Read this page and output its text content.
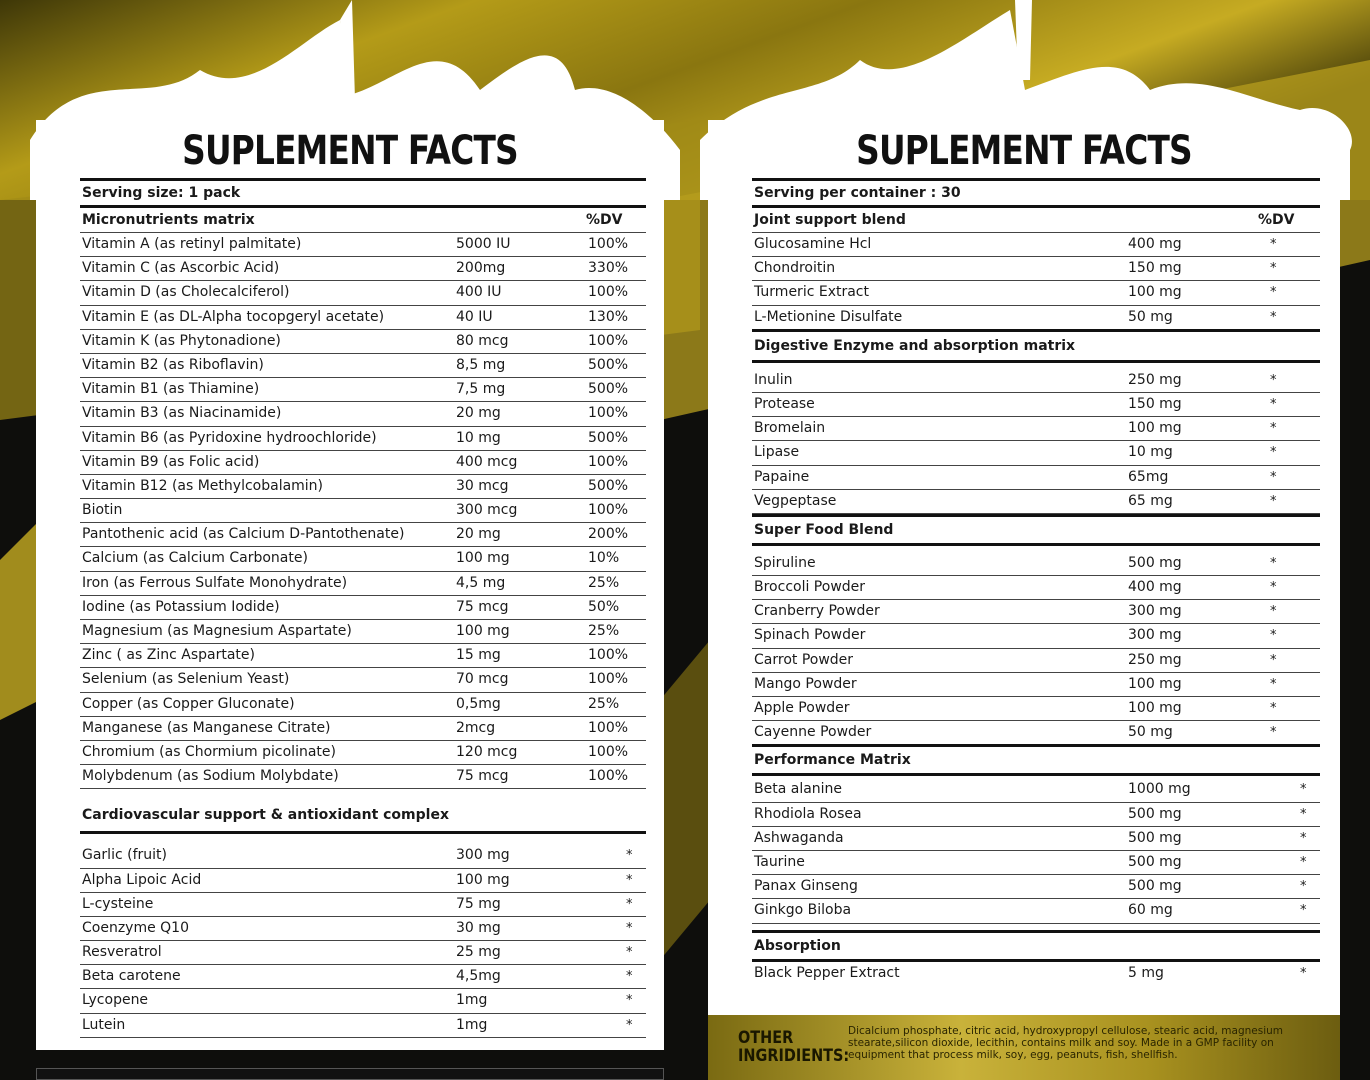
SUPLEMENT FACTS
Serving size: 1 pack
Micronutrients matrix	%DV
Vitamin A (as retinyl palmitate)	5000 IU	100%
Vitamin C (as Ascorbic Acid)	200mg	330%
Vitamin D (as Cholecalciferol)	400 IU	100%
Vitamin E (as DL-Alpha tocopgeryl acetate)	40 IU	130%
Vitamin K (as Phytonadione)	80 mcg	100%
Vitamin B2 (as Riboflavin)	8,5 mg	500%
Vitamin B1 (as Thiamine)	7,5 mg	500%
Vitamin B3 (as Niacinamide)	20 mg	100%
Vitamin B6 (as Pyridoxine hydroochloride)	10 mg	500%
Vitamin B9 (as Folic acid)	400 mcg	100%
Vitamin B12 (as Methylcobalamin)	30 mcg	500%
Biotin	300 mcg	100%
Pantothenic acid (as Calcium D-Pantothenate)	20 mg	200%
Calcium (as Calcium Carbonate)	100 mg	10%
Iron (as Ferrous Sulfate Monohydrate)	4,5 mg	25%
Iodine (as Potassium Iodide)	75 mcg	50%
Magnesium (as Magnesium Aspartate)	100 mg	25%
Zinc ( as Zinc Aspartate)	15 mg	100%
Selenium (as Selenium Yeast)	70 mcg	100%
Copper (as Copper Gluconate)	0,5mg	25%
Manganese (as Manganese Citrate)	2mcg	100%
Chromium (as Chormium picolinate)	120 mcg	100%
Molybdenum (as Sodium Molybdate)	75 mcg	100%
Cardiovascular support & antioxidant complex
Garlic (fruit)	300 mg	*
Alpha Lipoic Acid	100 mg	*
L-cysteine	75 mg	*
Coenzyme Q10	30 mg	*
Resveratrol	25 mg	*
Beta carotene	4,5mg	*
Lycopene	1mg	*
Lutein	1mg	*
SUPLEMENT FACTS
Serving per container : 30
Joint support blend	%DV
Glucosamine Hcl	400 mg	*
Chondroitin	150 mg	*
Turmeric Extract	100 mg	*
L-Metionine Disulfate	50 mg	*
Digestive Enzyme and absorption matrix
Inulin	250 mg	*
Protease	150 mg	*
Bromelain	100 mg	*
Lipase	10 mg	*
Papaine	65mg	*
Vegpeptase	65 mg	*
Super Food Blend
Spiruline	500 mg	*
Broccoli Powder	400 mg	*
Cranberry Powder	300 mg	*
Spinach Powder	300 mg	*
Carrot Powder	250 mg	*
Mango Powder	100 mg	*
Apple Powder	100 mg	*
Cayenne Powder	50 mg	*
Performance Matrix
Beta alanine	1000 mg	*
Rhodiola Rosea	500 mg	*
Ashwaganda	500 mg	*
Taurine	500 mg	*
Panax Ginseng	500 mg	*
Ginkgo Biloba	60 mg	*
Absorption
Black Pepper Extract	5 mg	*
OTHER
INGRIDIENTS:
Dicalcium phosphate, citric acid, hydroxypropyl cellulose, stearic acid, magnesium stearate,silicon dioxide, lecithin, contains milk and soy. Made in a GMP facility on equipment that process milk, soy, egg, peanuts, fish, shellfish.
